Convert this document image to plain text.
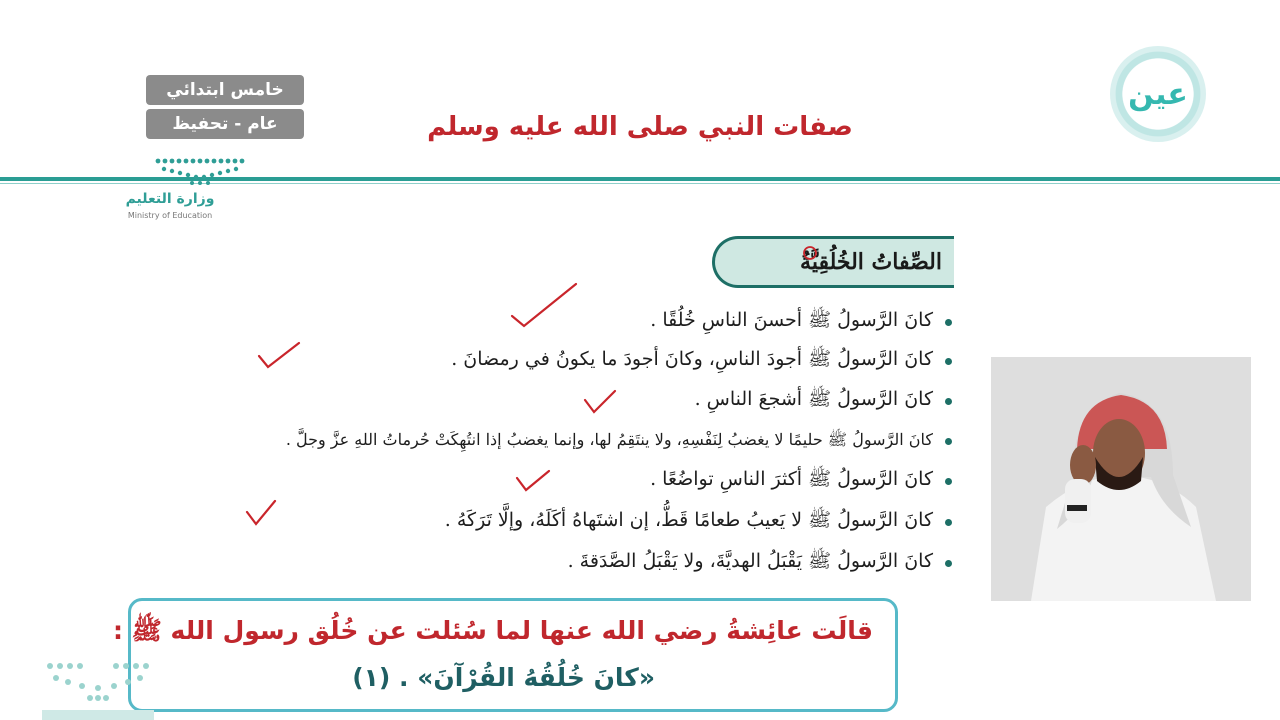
خامس ابتدائي
عام - تحفيظ
عين
صفات النبي صلى الله عليه وسلم
وزارة التعليم
Ministry of Education
الصِّفاتُ الخُلُقِيَّةُ
كانَ الرَّسولُ ﷺ أحسنَ الناسِ خُلُقًا .
كانَ الرَّسولُ ﷺ أجودَ الناسِ، وكانَ أجودَ ما يكونُ في رمضانَ .
كانَ الرَّسولُ ﷺ أشجعَ الناسِ .
كانَ الرَّسولُ ﷺ حليمًا لا يغضبُ لِنَفْسِهِ، ولا ينتَقِمُ لها، وإنما يغضبُ إذا انتُهِكَتْ حُرماتُ اللهِ عزَّ وجلَّ .
كانَ الرَّسولُ ﷺ أكثرَ الناسِ تواضُعًا .
كانَ الرَّسولُ ﷺ لا يَعيبُ طعامًا قَطُّ، إن اشتَهاهُ أكَلَهُ، وإلَّا تَرَكَهُ .
كانَ الرَّسولُ ﷺ يَقْبَلُ الهديَّةَ، ولا يَقْبَلُ الصَّدَقةَ .
قالَت عائِشةُ رضي الله عنها لما سُئلت عن خُلُق رسول الله ﷺ :
«كانَ خُلُقُهُ القُرْآنَ» . (١)
